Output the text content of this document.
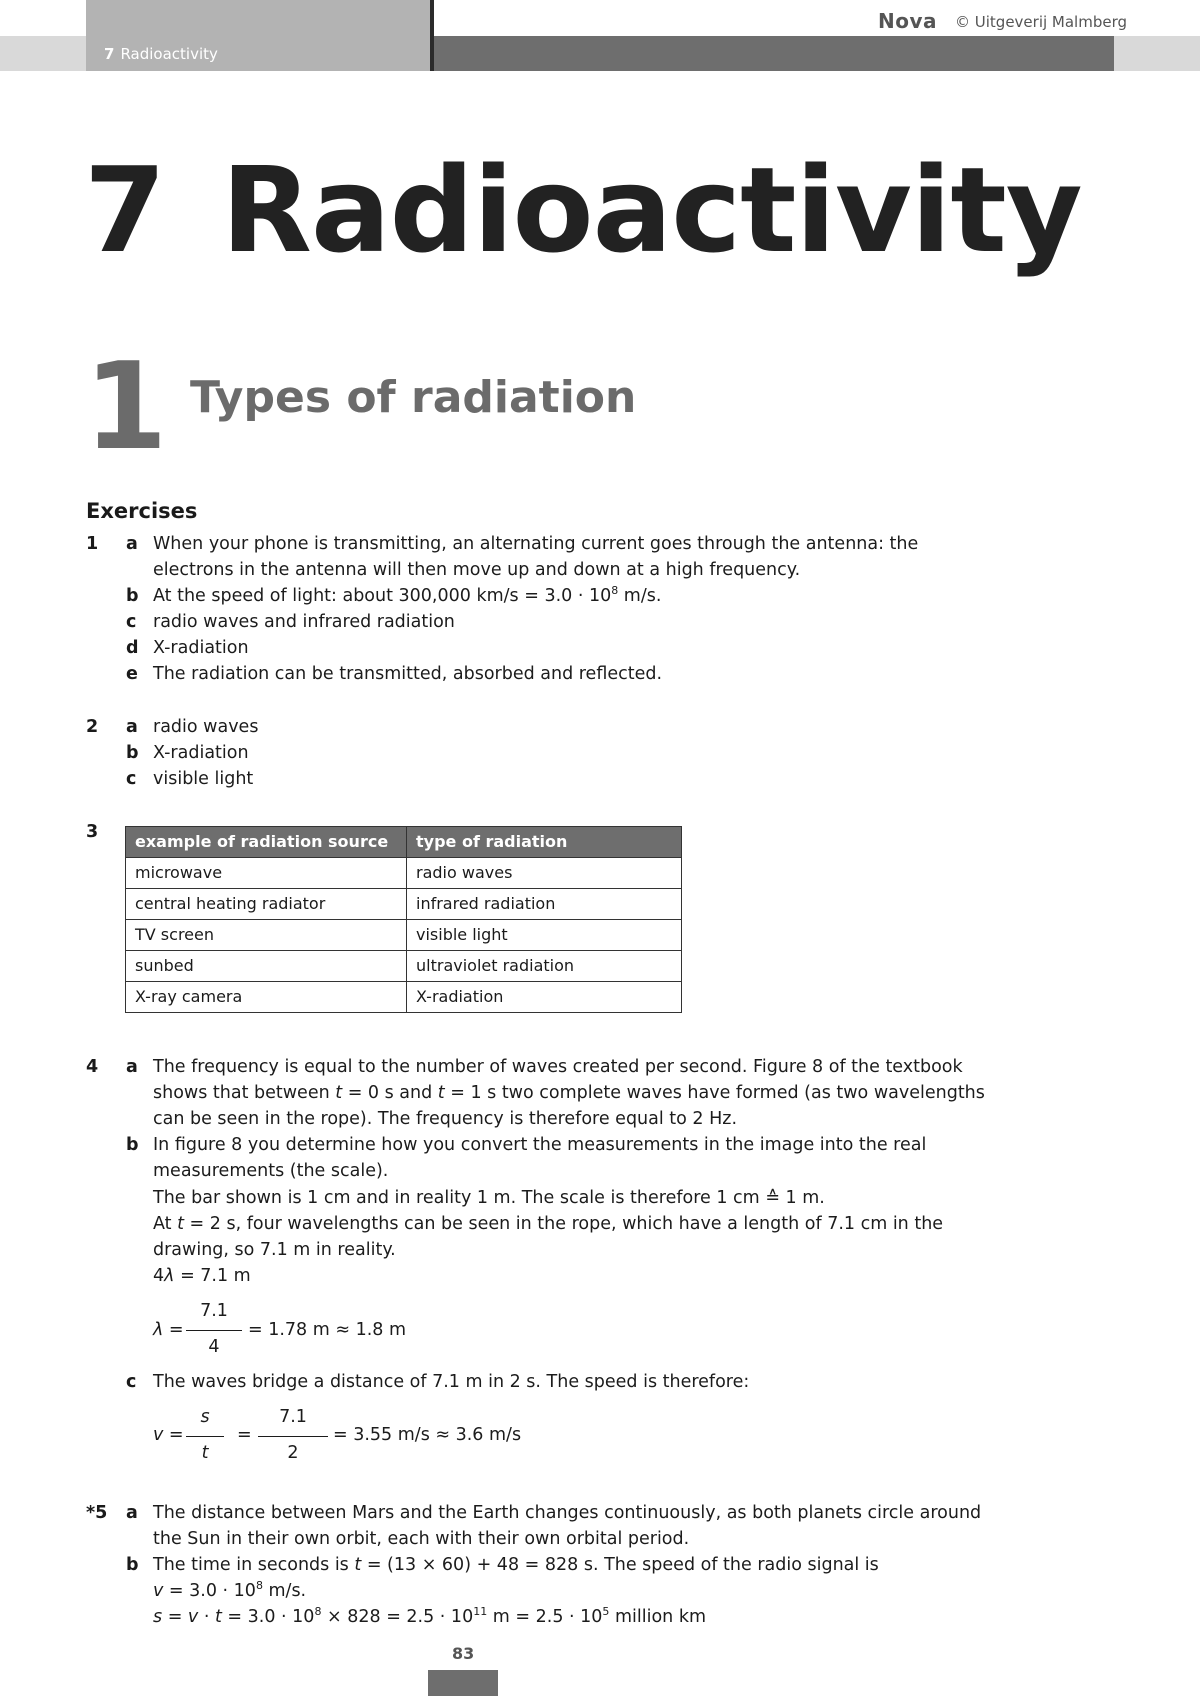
7 Radioactivity
Nova © Uitgeverij Malmberg
7 Radioactivity
1 Types of radiation
Exercises
1 a When your phone is transmitting, an alternating current goes through the antenna: the
electrons in the antenna will then move up and down at a high frequency.
b At the speed of light: about 300,000 $km/s = 3.0 \cdot 10^8$ m/s.
c radio waves and infrared radiation
d X-radiation
e The radiation can be transmitted, absorbed and reflected.
2 a radio waves
b X-radiation
c visible light
3 example of radiation source	type of radiation
microwave	radio waves
central heating radiator	infrared radiation
TV screen	visible light
sunbed	ultraviolet radiation
X-ray camera	X-radiation
4 a The frequency is equal to the number of waves created per second. Figure 8 of the textbook
shows that between t = 0 s and t = 1 s two complete waves have formed (as two wavelengths
can be seen in the rope). The frequency is therefore equal to 2 Hz.
b In figure 8 you determine how you convert the measurements in the image into the real
measurements (the scale).
The bar shown is 1 cm and in reality 1 m. The scale is therefore 1 cm ≙ 1 m.
At t = 2 s, four wavelengths can be seen in the rope, which have a length of 7.1 cm in the
drawing, so 7.1 m in reality.
4λ = 7.1 m
λ =
7.1
4
= 1.78 m ≈ 1.8 m
c The waves bridge a distance of 7.1 m in 2 s. The speed is therefore:
v =
s
t
=
7.1
2
= 3.55 m/s ≈ 3.6 m/s
*5 a The distance between Mars and the Earth changes continuously, as both planets circle around
the Sun in their own orbit, each with their own orbital period.
b The time in seconds is t = (13 × 60) + 48 = 828 s. The speed of the radio signal is
$v = 3.0 \cdot 10^8$ m/s.
$s = v \cdot t = 3.0 \cdot 10^8 \times 828 = 2.5 \cdot 10^{11}$ $m = 2.5 \cdot 10^5$ million km
83
